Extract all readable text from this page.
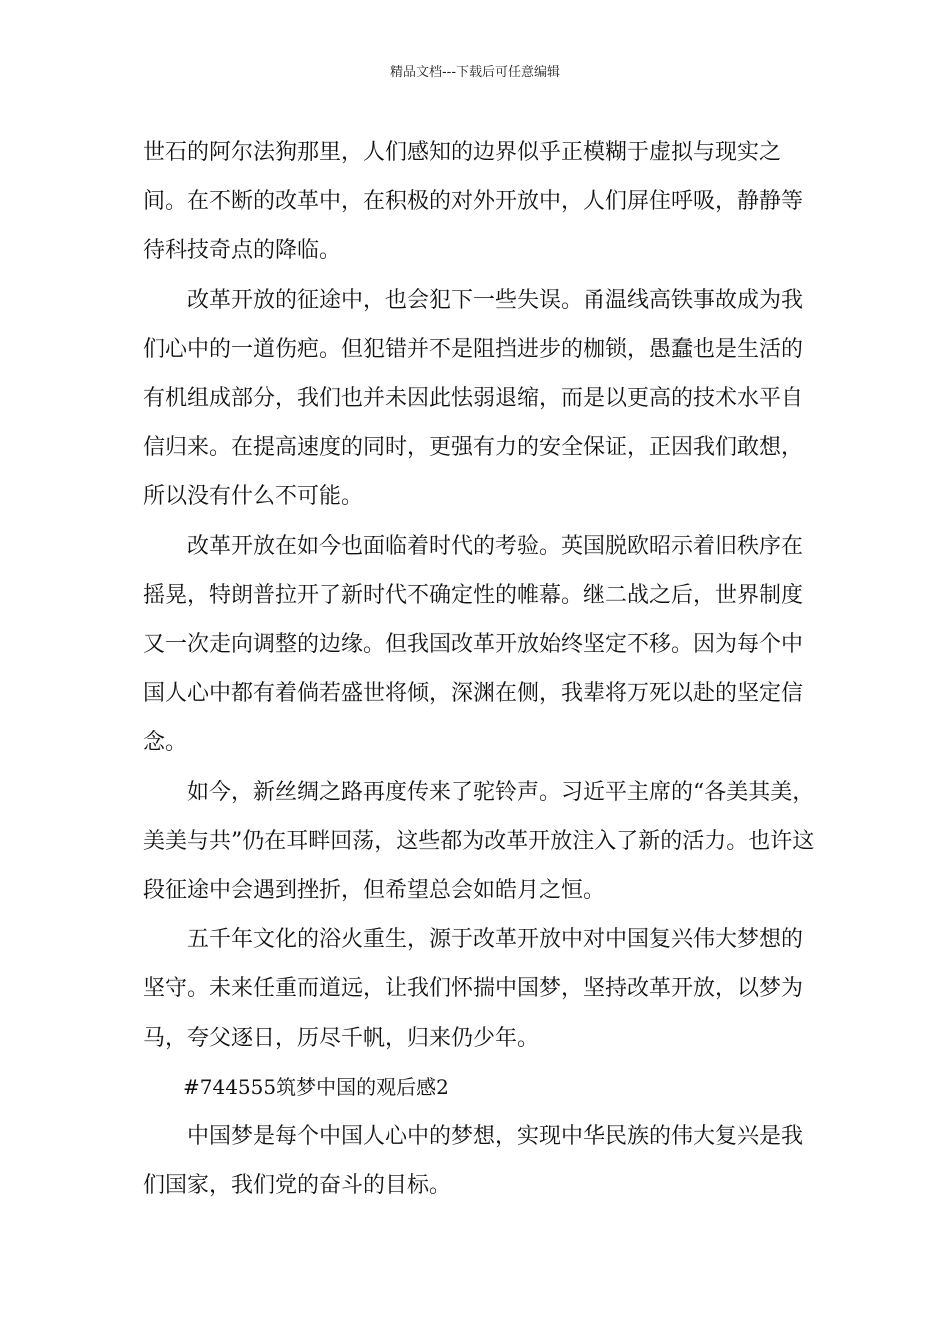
精品文档---下载后可任意编辑

世石的阿尔法狗那里，人们感知的边界似乎正模糊于虚拟与现实之间。在不断的改革中，在积极的对外开放中，人们屏住呼吸，静静等待科技奇点的降临。

改革开放的征途中，也会犯下一些失误。甬温线高铁事故成为我们心中的一道伤疤。但犯错并不是阻挡进步的枷锁，愚蠢也是生活的有机组成部分，我们也并未因此怯弱退缩，而是以更高的技术水平自信归来。在提高速度的同时，更强有力的安全保证，正因我们敢想，所以没有什么不可能。

改革开放在如今也面临着时代的考验。英国脱欧昭示着旧秩序在摇晃，特朗普拉开了新时代不确定性的帷幕。继二战之后，世界制度又一次走向调整的边缘。但我国改革开放始终坚定不移。因为每个中国人心中都有着倘若盛世将倾，深渊在侧，我辈将万死以赴的坚定信念。

如今，新丝绸之路再度传来了驼铃声。习近平主席的“各美其美，美美与共”仍在耳畔回荡，这些都为改革开放注入了新的活力。也许这段征途中会遇到挫折，但希望总会如皓月之恒。

五千年文化的浴火重生，源于改革开放中对中国复兴伟大梦想的坚守。未来任重而道远，让我们怀揣中国梦，坚持改革开放，以梦为马，夸父逐日，历尽千帆，归来仍少年。

#744555筑梦中国的观后感2

中国梦是每个中国人心中的梦想，实现中华民族的伟大复兴是我们国家，我们党的奋斗的目标。
